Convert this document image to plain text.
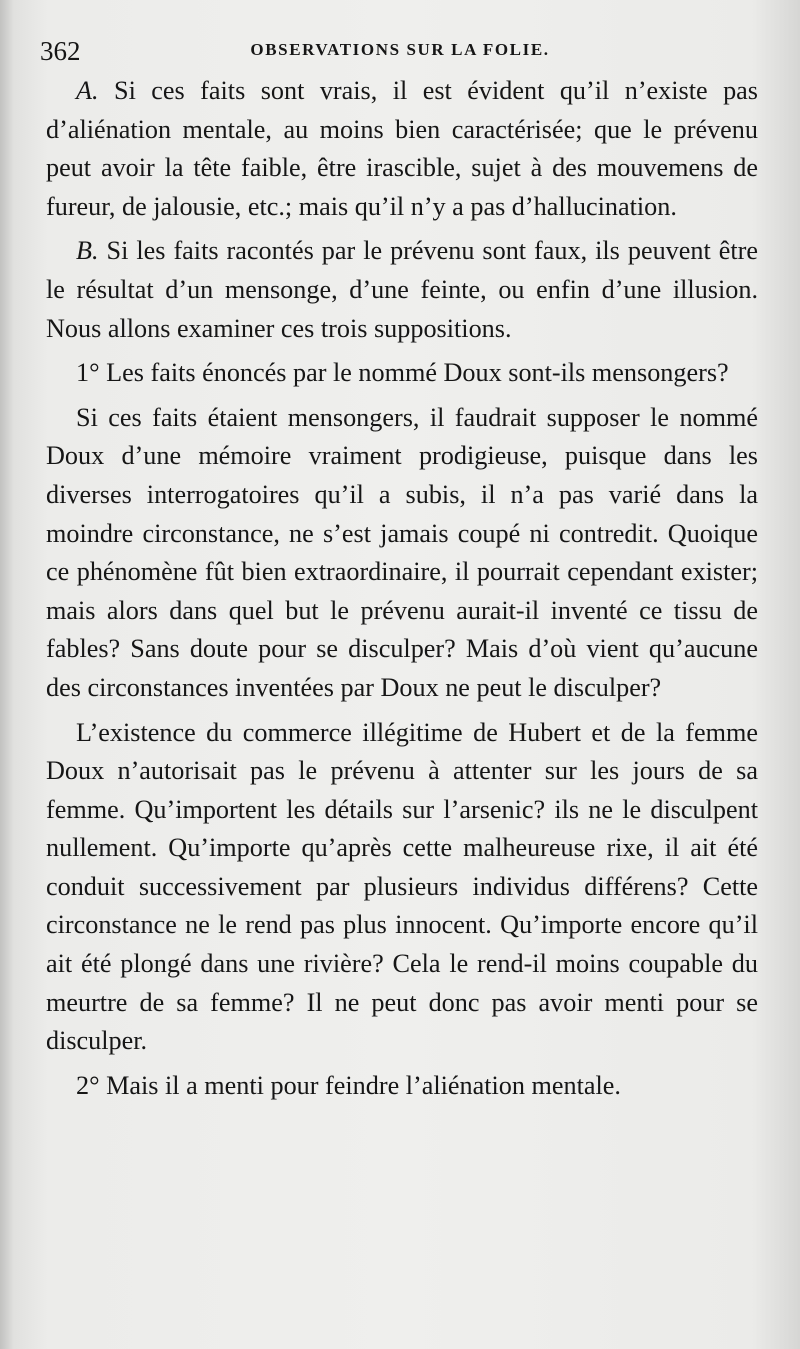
362	OBSERVATIONS SUR LA FOLIE.

A. Si ces faits sont vrais, il est évident qu’il n’existe pas d’aliénation mentale, au moins bien caractérisée; que le prévenu peut avoir la tête faible, être irascible, sujet à des mouvemens de fureur, de jalousie, etc.; mais qu’il n’y a pas d’hallucination.

B. Si les faits racontés par le prévenu sont faux, ils peuvent être le résultat d’un mensonge, d’une feinte, ou enfin d’une illusion. Nous allons examiner ces trois suppositions.

1° Les faits énoncés par le nommé Doux sont-ils mensongers?

Si ces faits étaient mensongers, il faudrait supposer le nommé Doux d’une mémoire vraiment prodigieuse, puisque dans les diverses interrogatoires qu’il a subis, il n’a pas varié dans la moindre circonstance, ne s’est jamais coupé ni contredit. Quoique ce phénomène fût bien extraordinaire, il pourrait cependant exister; mais alors dans quel but le prévenu aurait-il inventé ce tissu de fables? Sans doute pour se disculper? Mais d’où vient qu’aucune des circonstances inventées par Doux ne peut le disculper?

L’existence du commerce illégitime de Hubert et de la femme Doux n’autorisait pas le prévenu à attenter sur les jours de sa femme. Qu’importent les détails sur l’arsenic? ils ne le disculpent nullement. Qu’importe qu’après cette malheureuse rixe, il ait été conduit successivement par plusieurs individus différens? Cette circonstance ne le rend pas plus innocent. Qu’importe encore qu’il ait été plongé dans une rivière? Cela le rend-il moins coupable du meurtre de sa femme? Il ne peut donc pas avoir menti pour se disculper.

2° Mais il a menti pour feindre l’aliénation mentale.
